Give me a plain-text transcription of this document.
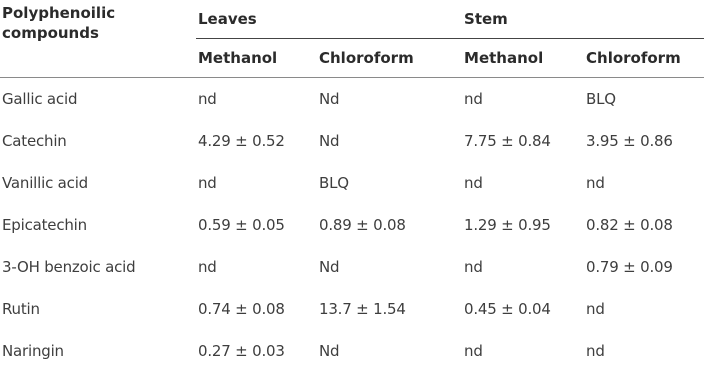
Polyphenoilic
compounds	Leaves		Stem	
	Methanol	Chloroform	Methanol	Chloroform
Gallic acid	nd	Nd	nd	BLQ
Catechin	4.29 ± 0.52	Nd	7.75 ± 0.84	3.95 ± 0.86
Vanillic acid	nd	BLQ	nd	nd
Epicatechin	0.59 ± 0.05	0.89 ± 0.08	1.29 ± 0.95	0.82 ± 0.08
3-OH benzoic acid	nd	Nd	nd	0.79 ± 0.09
Rutin	0.74 ± 0.08	13.7 ± 1.54	0.45 ± 0.04	nd
Naringin	0.27 ± 0.03	Nd	nd	nd
